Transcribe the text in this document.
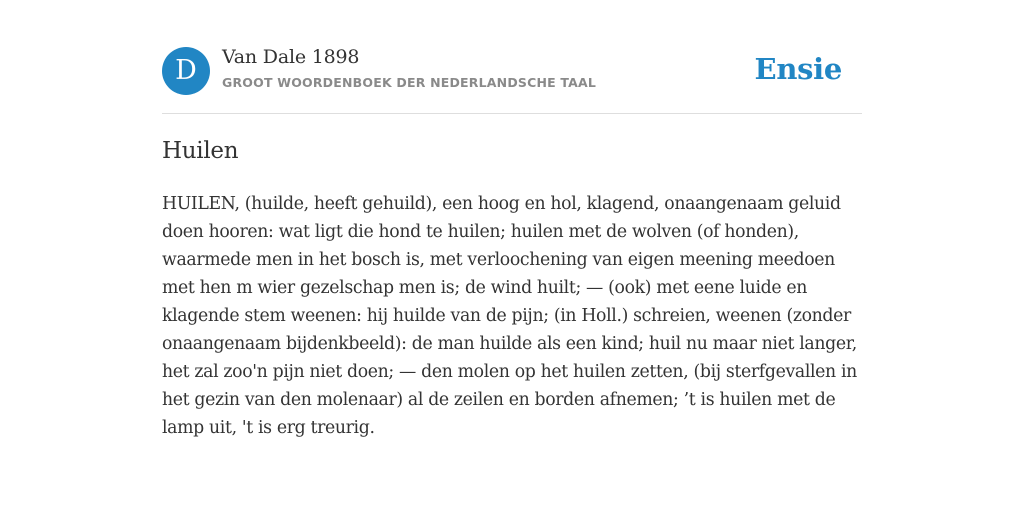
D	Van Dale 1898
GROOT WOORDENBOEK DER NEDERLANDSCHE TAAL	Ensie
Huilen

HUILEN, (huilde, heeft gehuild), een hoog en hol, klagend, onaangenaam geluid doen hooren: wat ligt die hond te huilen; huilen met de wolven (of honden), waarmede men in het bosch is, met verloochening van eigen meening meedoen met hen m wier gezelschap men is; de wind huilt; — (ook) met eene luide en klagende stem weenen: hij huilde van de pijn; (in Holl.) schreien, weenen (zonder onaangenaam bijdenkbeeld): de man huilde als een kind; huil nu maar niet langer, het zal zoo'n pijn niet doen; — den molen op het huilen zetten, (bij sterfgevallen in het gezin van den molenaar) al de zeilen en borden afnemen; ’t is huilen met de lamp uit, 't is erg treurig.
